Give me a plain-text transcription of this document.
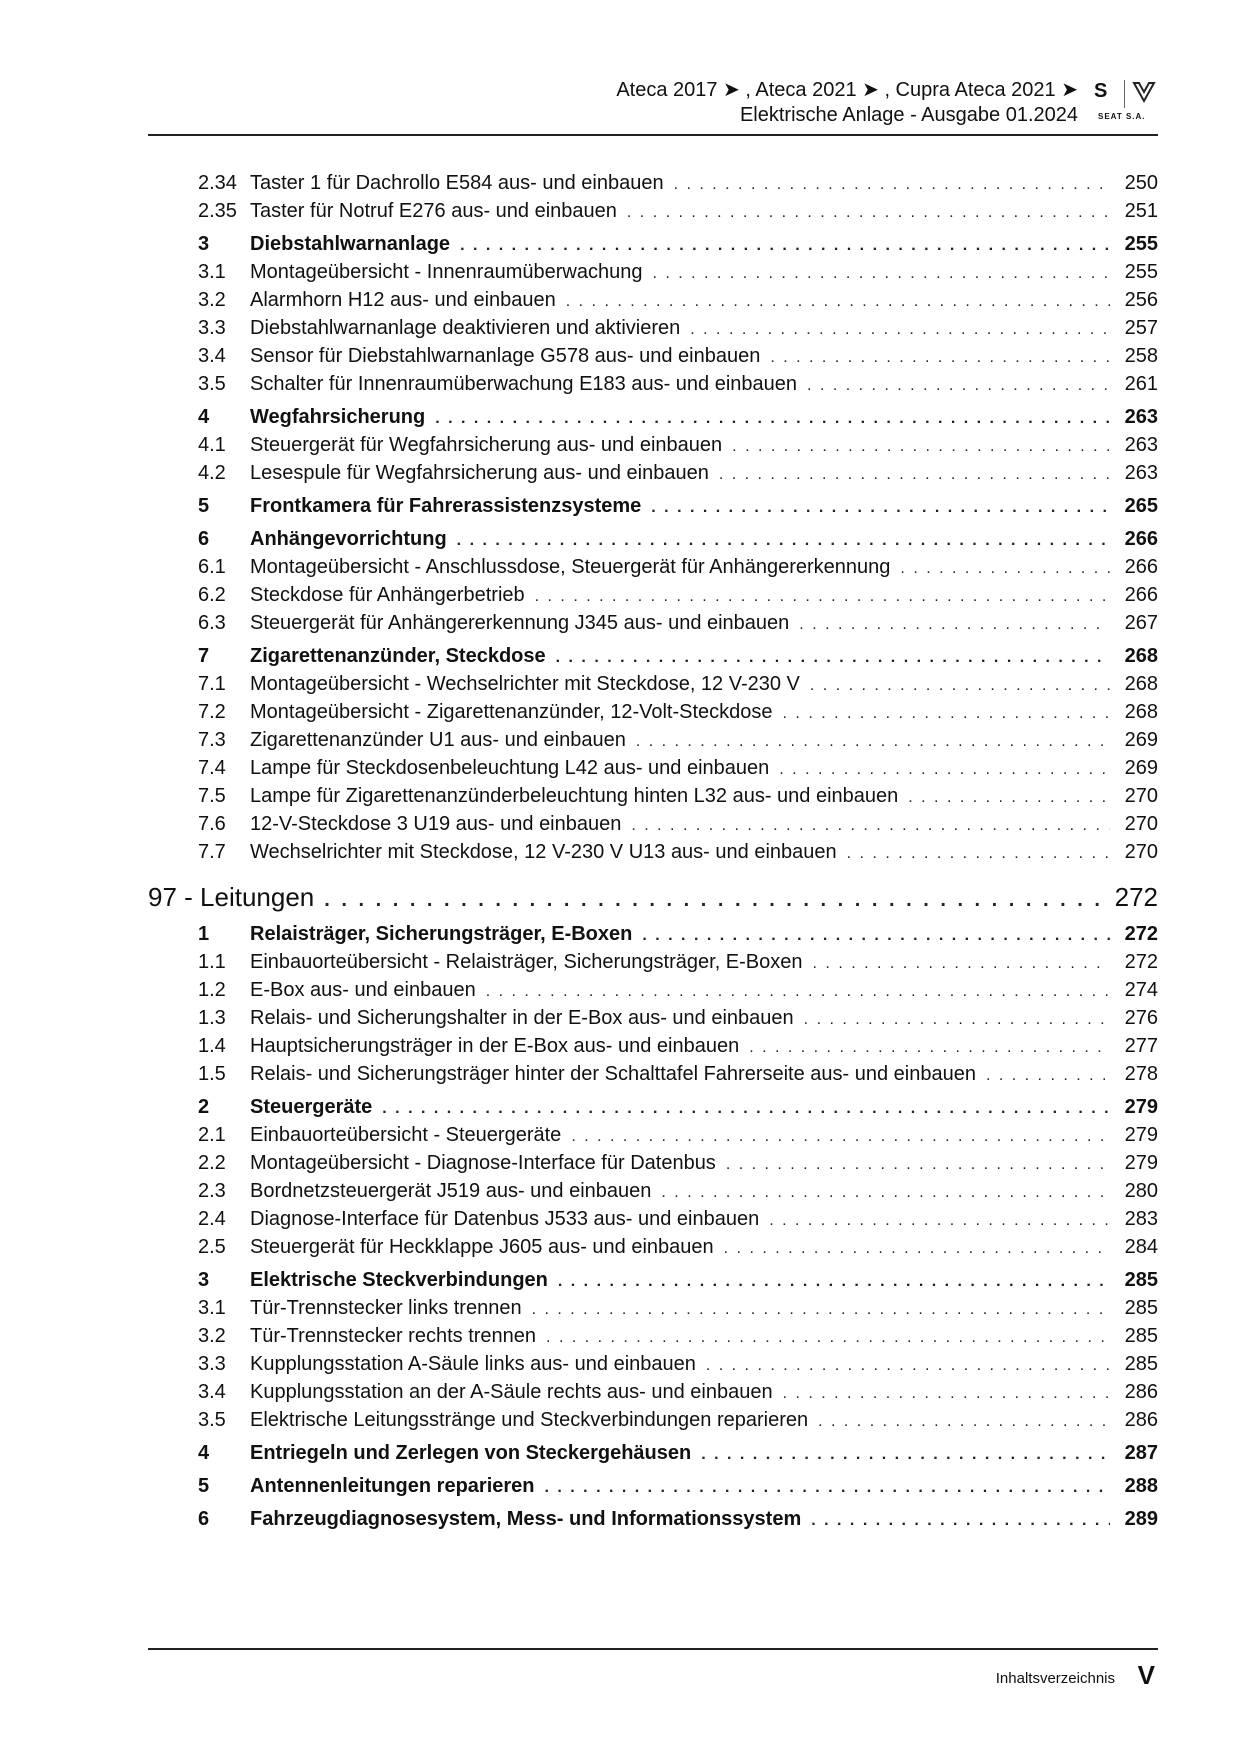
Ateca 2017 ➤ , Ateca 2021 ➤ , Cupra Ateca 2021 ➤
Elektrische Anlage - Ausgabe 01.2024
S
SEAT S.A.
2.34 Taster 1 für Dachrollo E584 aus- und einbauen . . .	250
2.35 Taster für Notruf E276 aus- und einbauen . . .	251
3	Diebstahlwarnanlage . . .	255
3.1	Montageübersicht - Innenraumüberwachung . . .	255
3.2	Alarmhorn H12 aus- und einbauen . . .	256
3.3	Diebstahlwarnanlage deaktivieren und aktivieren . . .	257
3.4	Sensor für Diebstahlwarnanlage G578 aus- und einbauen . . .	258
3.5	Schalter für Innenraumüberwachung E183 aus- und einbauen . . .	261
4	Wegfahrsicherung . . .	263
4.1	Steuergerät für Wegfahrsicherung aus- und einbauen . . .	263
4.2	Lesespule für Wegfahrsicherung aus- und einbauen . . .	263
5	Frontkamera für Fahrerassistenzsysteme . . .	265
6	Anhängevorrichtung . . .	266
6.1	Montageübersicht - Anschlussdose, Steuergerät für Anhängererkennung . . .	266
6.2	Steckdose für Anhängerbetrieb . . .	266
6.3	Steuergerät für Anhängererkennung J345 aus- und einbauen . . .	267
7	Zigarettenanzünder, Steckdose . . .	268
7.1	Montageübersicht - Wechselrichter mit Steckdose, 12 V-230 V . . .	268
7.2	Montageübersicht - Zigarettenanzünder, 12-Volt-Steckdose . . .	268
7.3	Zigarettenanzünder U1 aus- und einbauen . . .	269
7.4	Lampe für Steckdosenbeleuchtung L42 aus- und einbauen . . .	269
7.5	Lampe für Zigarettenanzünderbeleuchtung hinten L32 aus- und einbauen . . .	270
7.6	12-V-Steckdose 3 U19 aus- und einbauen . . .	270
7.7	Wechselrichter mit Steckdose, 12 V-230 V U13 aus- und einbauen . . .	270
97 - Leitungen . . .	272
1	Relaisträger, Sicherungsträger, E-Boxen . . .	272
1.1	Einbauorteübersicht - Relaisträger, Sicherungsträger, E-Boxen . . .	272
1.2	E-Box aus- und einbauen . . .	274
1.3	Relais- und Sicherungshalter in der E-Box aus- und einbauen . . .	276
1.4	Hauptsicherungsträger in der E-Box aus- und einbauen . . .	277
1.5	Relais- und Sicherungsträger hinter der Schalttafel Fahrerseite aus- und einbauen . . .	278
2	Steuergeräte . . .	279
2.1	Einbauorteübersicht - Steuergeräte . . .	279
2.2	Montageübersicht - Diagnose-Interface für Datenbus . . .	279
2.3	Bordnetzsteuergerät J519 aus- und einbauen . . .	280
2.4	Diagnose-Interface für Datenbus J533 aus- und einbauen . . .	283
2.5	Steuergerät für Heckklappe J605 aus- und einbauen . . .	284
3	Elektrische Steckverbindungen . . .	285
3.1	Tür-Trennstecker links trennen . . .	285
3.2	Tür-Trennstecker rechts trennen . . .	285
3.3	Kupplungsstation A-Säule links aus- und einbauen . . .	285
3.4	Kupplungsstation an der A-Säule rechts aus- und einbauen . . .	286
3.5	Elektrische Leitungsstränge und Steckverbindungen reparieren . . .	286
4	Entriegeln und Zerlegen von Steckergehäusen . . .	287
5	Antennenleitungen reparieren . . .	288
6	Fahrzeugdiagnosesystem, Mess- und Informationssystem . . .	289
Inhaltsverzeichnis V
